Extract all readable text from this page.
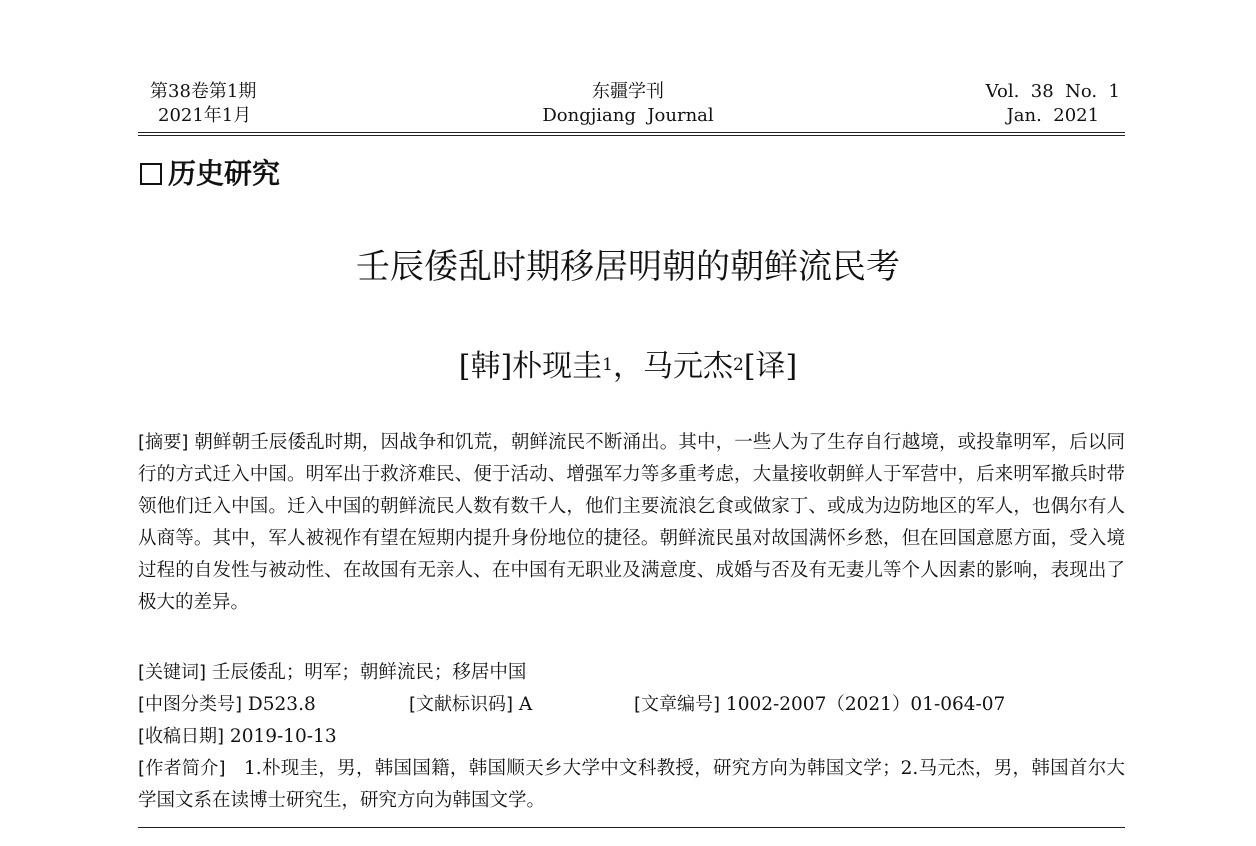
第38卷第1期
2021年1月
东疆学刊
Dongjiang  Journal
Vol.  38  No.  1
Jan.  2021
历史研究
壬辰倭乱时期移居明朝的朝鲜流民考
[韩]朴现圭$^1$，马元杰$^2$[译]
[摘要] 朝鲜朝壬辰倭乱时期，因战争和饥荒，朝鲜流民不断涌出。其中，一些人为了生存自行越境，或投靠明军，后以同行的方式迁入中国。明军出于救济难民、便于活动、增强军力等多重考虑，大量接收朝鲜人于军营中，后来明军撤兵时带领他们迁入中国。迁入中国的朝鲜流民人数有数千人，他们主要流浪乞食或做家丁、或成为边防地区的军人，也偶尔有人从商等。其中，军人被视作有望在短期内提升身份地位的捷径。朝鲜流民虽对故国满怀乡愁，但在回国意愿方面，受入境过程的自发性与被动性、在故国有无亲人、在中国有无职业及满意度、成婚与否及有无妻儿等个人因素的影响，表现出了极大的差异。
[关键词] 壬辰倭乱；明军；朝鲜流民；移居中国
[中图分类号] D523.8	[文献标识码] A	[文章编号] 1002-2007（2021）01-064-07
[收稿日期] 2019-10-13
[作者简介]   1.朴现圭，男，韩国国籍，韩国顺天乡大学中文科教授，研究方向为韩国文学；2.马元杰，男，韩国首尔大学国文系在读博士研究生，研究方向为韩国文学。
